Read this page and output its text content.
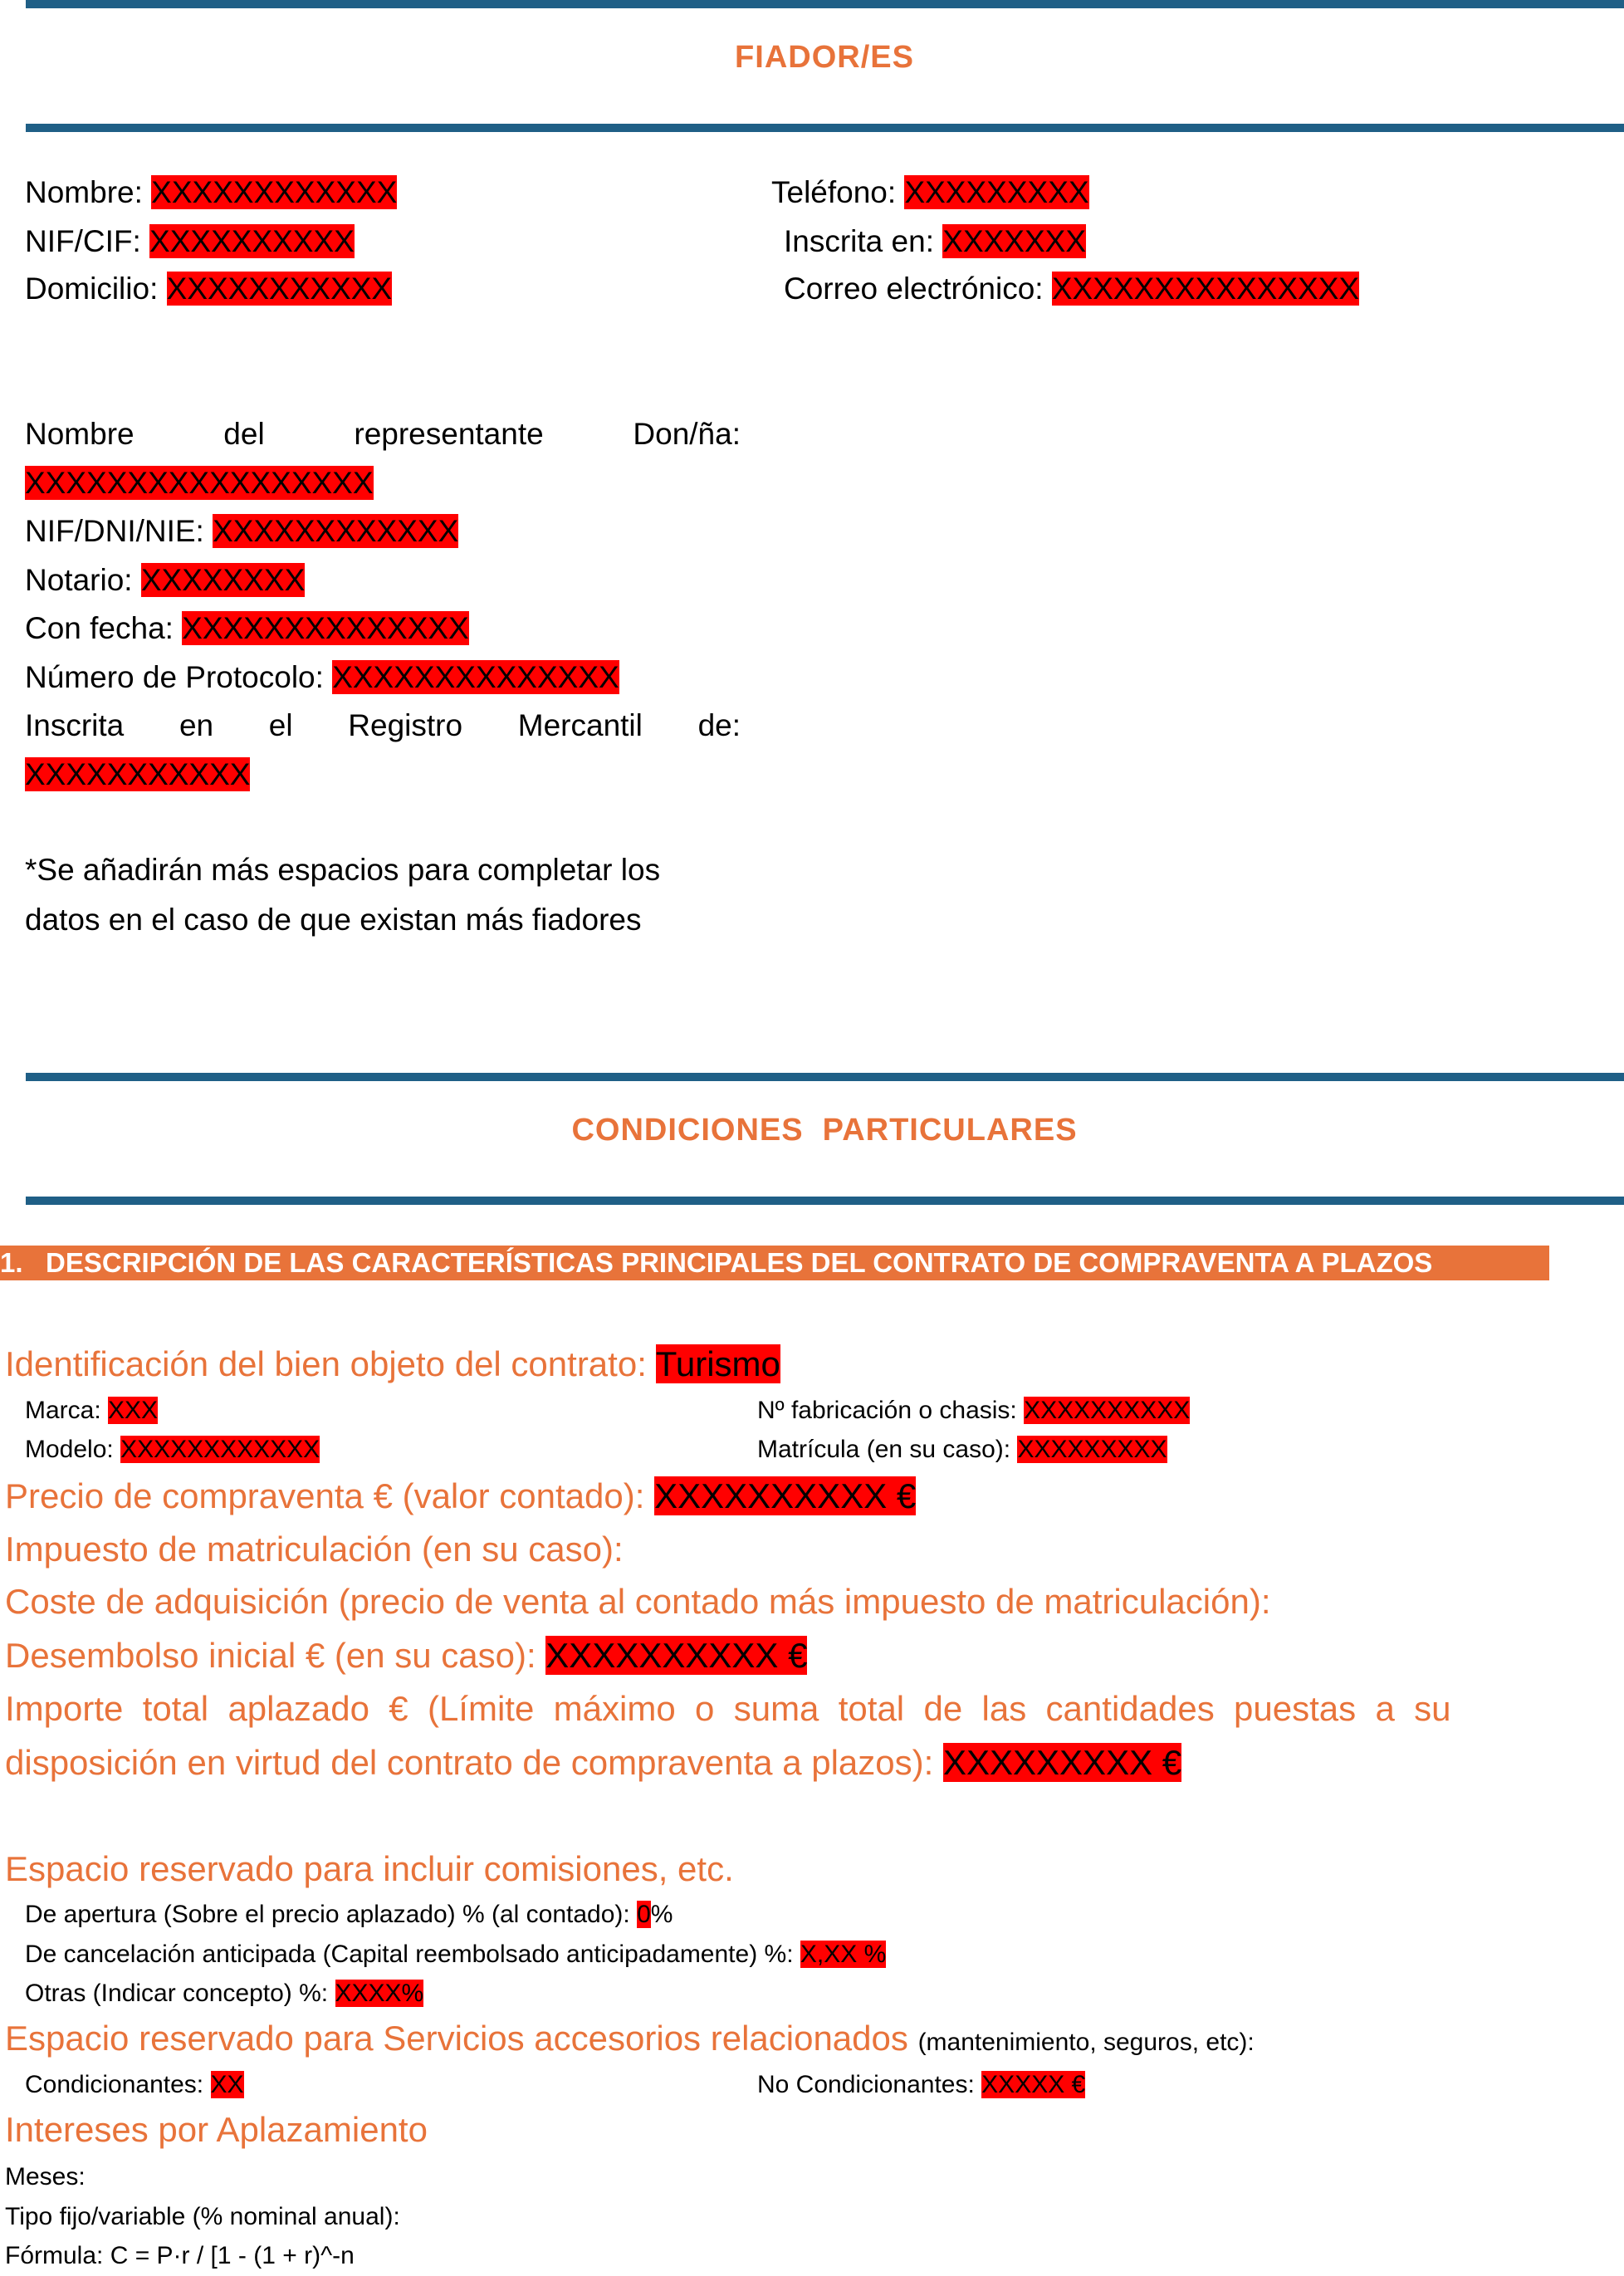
FIADOR/ES
Nombre: XXXXXXXXXXXX
NIF/CIF: XXXXXXXXXX
Domicilio: XXXXXXXXXXX
Teléfono: XXXXXXXXX
Inscrita en: XXXXXXX
Correo electrónico: XXXXXXXXXXXXXXX
Nombre	del	representante	Don/ña:
XXXXXXXXXXXXXXXXX
NIF/DNI/NIE: XXXXXXXXXXXX
Notario: XXXXXXXX
Con fecha: XXXXXXXXXXXXXX
Número de Protocolo: XXXXXXXXXXXXXX
Inscrita en el Registro Mercantil de:
XXXXXXXXXXX
*Se añadirán más espacios para completar los
datos en el caso de que existan más fiadores
CONDICIONES  PARTICULARES
1.   DESCRIPCIÓN DE LAS CARACTERÍSTICAS PRINCIPALES DEL CONTRATO DE COMPRAVENTA A PLAZOS
Identificación del bien objeto del contrato: Turismo
Marca: XXX
Modelo: XXXXXXXXXXXX
Nº fabricación o chasis: XXXXXXXXXX
Matrícula (en su caso): XXXXXXXXX
Precio de compraventa € (valor contado): XXXXXXXXXX €
Impuesto de matriculación (en su caso):
Coste de adquisición (precio de venta al contado más impuesto de matriculación):
Desembolso inicial € (en su caso): XXXXXXXXXX €
Importe  total  aplazado  €  (Límite  máximo  o  suma  total  de  las  cantidades  puestas  a  su
disposición en virtud del contrato de compraventa a plazos): XXXXXXXXX €
Espacio reservado para incluir comisiones, etc.
De apertura (Sobre el precio aplazado) % (al contado): 0%
De cancelación anticipada (Capital reembolsado anticipadamente) %: X,XX %
Otras (Indicar concepto) %: XXXX%
Espacio reservado para Servicios accesorios relacionados (mantenimiento, seguros, etc):
Condicionantes: XX	No Condicionantes: XXXXX €
Intereses por Aplazamiento
Meses:
Tipo fijo/variable (% nominal anual):
Fórmula: C = P·r / [1 - (1 + r)^-n
